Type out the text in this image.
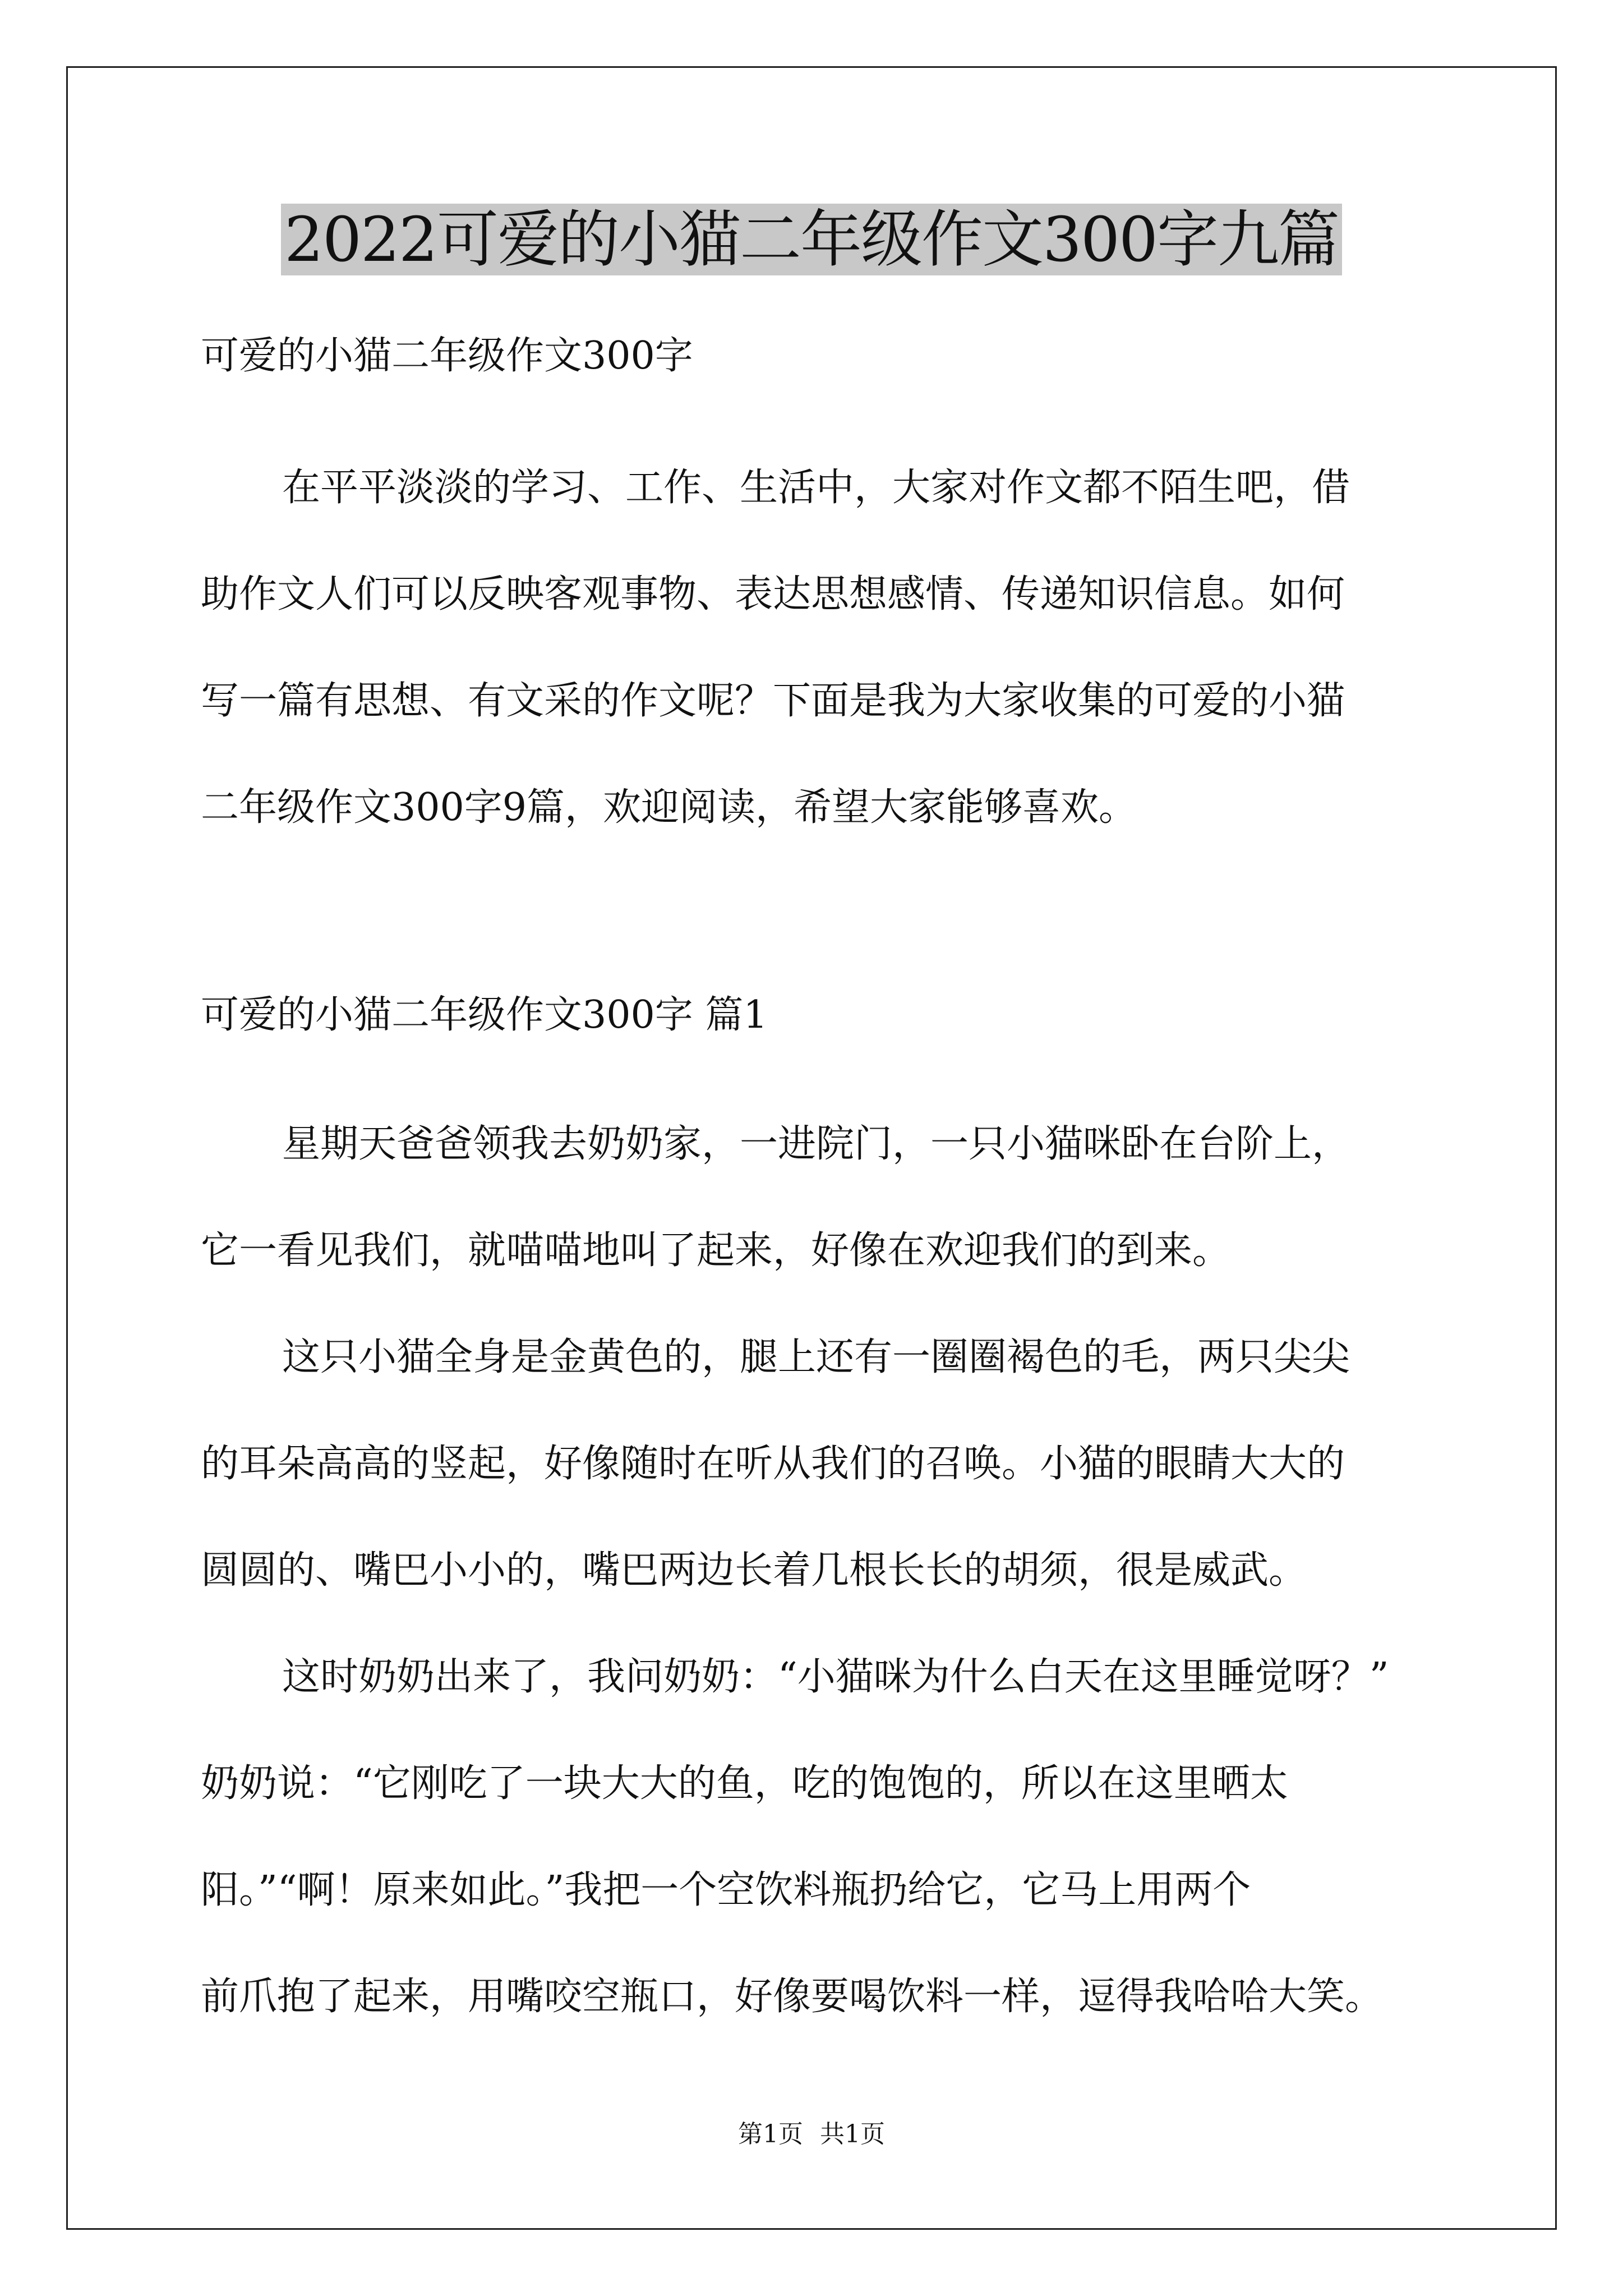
2022可爱的小猫二年级作文300字九篇
可爱的小猫二年级作文300字

在平平淡淡的学习、工作、生活中，大家对作文都不陌生吧，借

助作文人们可以反映客观事物、表达思想感情、传递知识信息。如何

写一篇有思想、有文采的作文呢？下面是我为大家收集的可爱的小猫

二年级作文300字9篇，欢迎阅读，希望大家能够喜欢。

可爱的小猫二年级作文300字 篇1

星期天爸爸领我去奶奶家，一进院门，一只小猫咪卧在台阶上，

它一看见我们，就喵喵地叫了起来，好像在欢迎我们的到来。

这只小猫全身是金黄色的，腿上还有一圈圈褐色的毛，两只尖尖

的耳朵高高的竖起，好像随时在听从我们的召唤。小猫的眼睛大大的

圆圆的、嘴巴小小的，嘴巴两边长着几根长长的胡须，很是威武。

这时奶奶出来了，我问奶奶：“小猫咪为什么白天在这里睡觉呀？”

奶奶说：“它刚吃了一块大大的鱼，吃的饱饱的，所以在这里晒太

阳。”“啊！原来如此。”我把一个空饮料瓶扔给它，它马上用两个

前爪抱了起来，用嘴咬空瓶口，好像要喝饮料一样，逗得我哈哈大笑。

第1页 共1页
